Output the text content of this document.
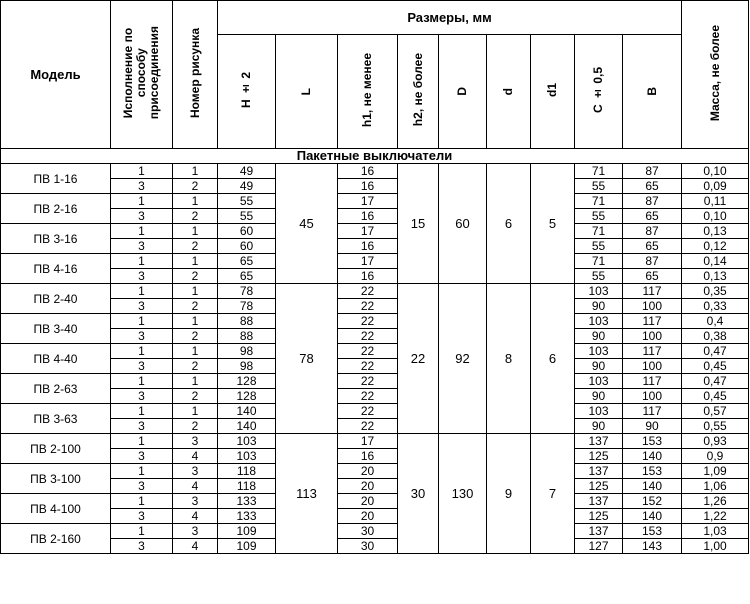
Модель	Исполнение по
способу
присоединения	Номер рисунка	Размеры, мм									Масса, не более
			H ± 2	L	h1, не менее	h2, не более	D	d	d1	C ± 0,5	B	
Пакетные выключатели												
ПВ 1-16	1	1	49	45	16	15	60	6	5	71	87	0,10
	3	2	49		16					55	65	0,09
ПВ 2-16	1	1	55		17					71	87	0,11
	3	2	55		16					55	65	0,10
ПВ 3-16	1	1	60		17					71	87	0,13
	3	2	60		16					55	65	0,12
ПВ 4-16	1	1	65		17					71	87	0,14
	3	2	65		16					55	65	0,13
ПВ 2-40	1	1	78	78	22	22	92	8	6	103	117	0,35
	3	2	78		22					90	100	0,33
ПВ 3-40	1	1	88		22					103	117	0,4
	3	2	88		22					90	100	0,38
ПВ 4-40	1	1	98		22					103	117	0,47
	3	2	98		22					90	100	0,45
ПВ 2-63	1	1	128		22					103	117	0,47
	3	2	128		22					90	100	0,45
ПВ 3-63	1	1	140		22					103	117	0,57
	3	2	140		22					90	90	0,55
ПВ 2-100	1	3	103	113	17	30	130	9	7	137	153	0,93
	3	4	103		16					125	140	0,9
ПВ 3-100	1	3	118		20					137	153	1,09
	3	4	118		20					125	140	1,06
ПВ 4-100	1	3	133		20					137	152	1,26
	3	4	133		20					125	140	1,22
ПВ 2-160	1	3	109		30					137	153	1,03
	3	4	109		30					127	143	1,00
